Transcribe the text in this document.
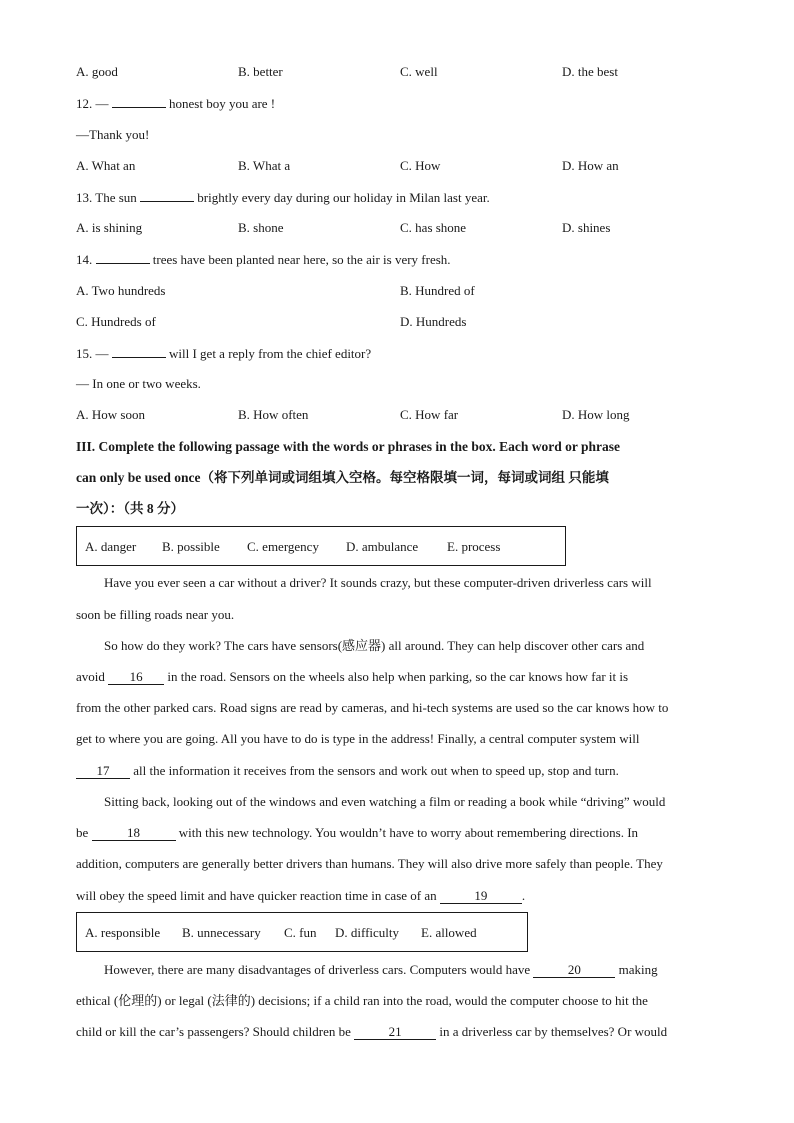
A. good	B. better	C. well	D. the best
12. —	honest boy you are !
—Thank you!
A. What an	B. What a	C. How	D. How an
13. The sun	brightly every day during our holiday in Milan last year.
A. is shining	B. shone	C. has shone	D. shines
14.	trees have been planted near here, so the air is very fresh.
A. Two hundreds	B. Hundred of
C. Hundreds of	D. Hundreds
15. —	will I get a reply from the chief editor?
— In one or two weeks.
A. How soon	B. How often	C. How far	D. How long
III. Complete the following passage with the words or phrases in the box. Each word or phrase
can only be used once（将下列单词或词组填入空格。每空格限填一词，每词或词组 只能填
一次）：（共 8 分）
A. danger B. possible C. emergency D. ambulance E. process
Have you ever seen a car without a driver? It sounds crazy, but these computer-driven driverless cars will
soon be filling roads near you.
So how do they work? The cars have sensors(感应器) all around. They can help discover other cars and
avoid 16 in the road. Sensors on the wheels also help when parking, so the car knows how far it is
from the other parked cars. Road signs are read by cameras, and hi-tech systems are used so the car knows how to
get to where you are going. All you have to do is type in the address! Finally, a central computer system will
17 all the information it receives from the sensors and work out when to speed up, stop and turn.
Sitting back, looking out of the windows and even watching a film or reading a book while “driving” would
be	18	with this new technology. You wouldn’t have to worry about remembering directions. In
addition, computers are generally better drivers than humans. They will also drive more safely than people. They
will obey the speed limit and have quicker reaction time in case of an	19	.
A. responsible B. unnecessary C. fun D. difficulty E. allowed
However, there are many disadvantages of driverless cars. Computers would have	20	making
ethical (伦理的) or legal (法律的) decisions; if a child ran into the road, would the computer choose to hit the
child or kill the car’s passengers? Should children be	21	in a driverless car by themselves? Or would
